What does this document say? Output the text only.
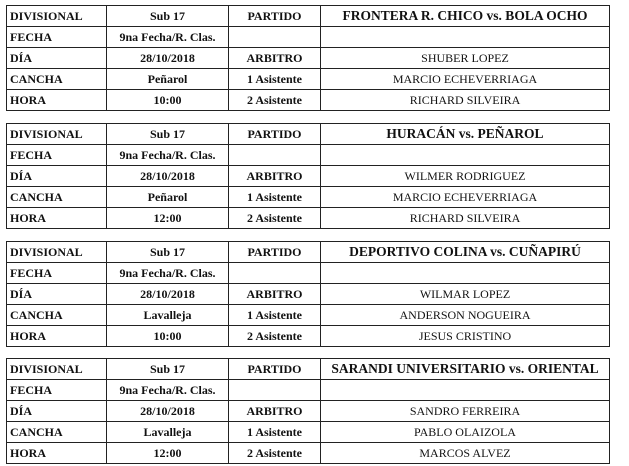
DIVISIONAL	Sub 17	PARTIDO	FRONTERA R. CHICO vs. BOLA OCHO
FECHA	9na Fecha/R. Clas.		
DÍA	28/10/2018	ARBITRO	SHUBER LOPEZ
CANCHA	Peñarol	1 Asistente	MARCIO ECHEVERRIAGA
HORA	10:00	2 Asistente	RICHARD SILVEIRA
DIVISIONAL	Sub 17	PARTIDO	HURACÁN vs. PEÑAROL
FECHA	9na Fecha/R. Clas.		
DÍA	28/10/2018	ARBITRO	WILMER RODRIGUEZ
CANCHA	Peñarol	1 Asistente	MARCIO ECHEVERRIAGA
HORA	12:00	2 Asistente	RICHARD SILVEIRA
DIVISIONAL	Sub 17	PARTIDO	DEPORTIVO COLINA vs. CUÑAPIRÚ
FECHA	9na Fecha/R. Clas.		
DÍA	28/10/2018	ARBITRO	WILMAR LOPEZ
CANCHA	Lavalleja	1 Asistente	ANDERSON NOGUEIRA
HORA	10:00	2 Asistente	JESUS CRISTINO
DIVISIONAL	Sub 17	PARTIDO	SARANDI UNIVERSITARIO vs. ORIENTAL
FECHA	9na Fecha/R. Clas.		
DÍA	28/10/2018	ARBITRO	SANDRO FERREIRA
CANCHA	Lavalleja	1 Asistente	PABLO OLAIZOLA
HORA	12:00	2 Asistente	MARCOS ALVEZ
